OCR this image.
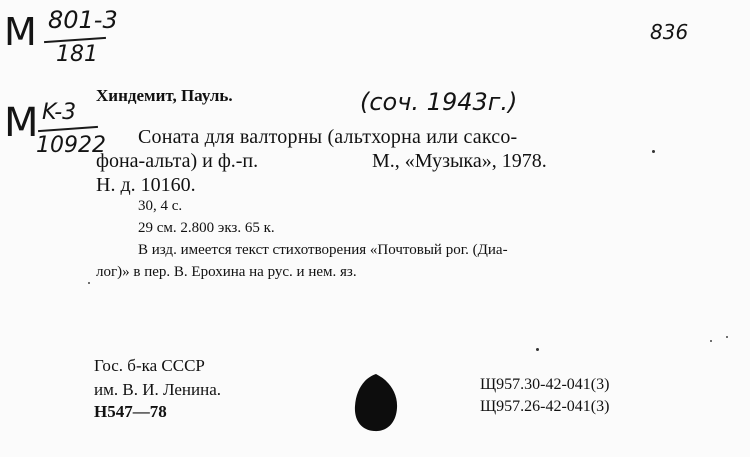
M 801-3
181
836
M K-3
10922
Хиндемит, Пауль.	(соч. 1943г.)
Соната для валторны (альтхорна или саксо-
фона-альта) и ф.-п.	М., «Музыка», 1978.
Н. д. 10160.
30, 4 с.
29 см. 2.800 экз. 65 к.
В изд. имеется текст стихотворения «Почтовый рог. (Диа-
лог)» в пер. В. Ерохина на рус. и нем. яз.
Гос. б-ка СССР
им. В. И. Ленина.
Н547—78
Щ957.30-42-041(3)
Щ957.26-42-041(3)
